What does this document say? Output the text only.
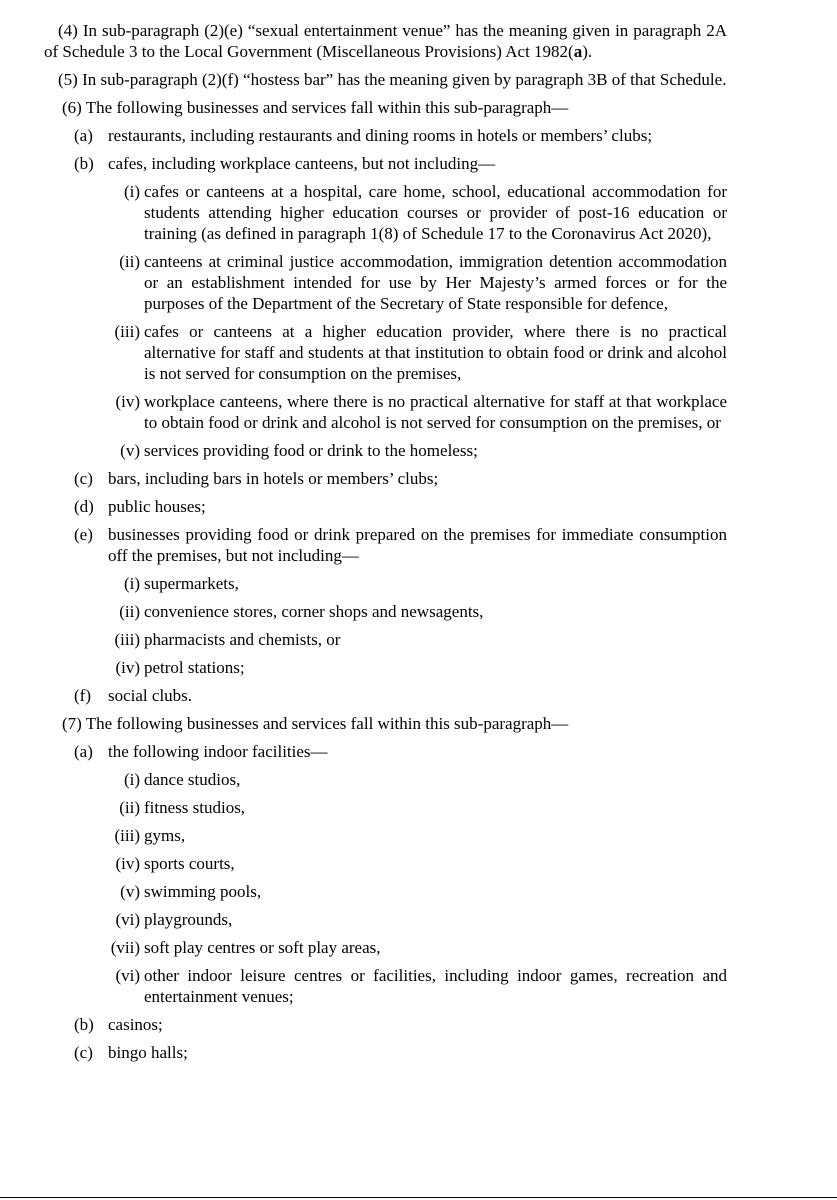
(4) In sub-paragraph (2)(e) “sexual entertainment venue” has the meaning given in paragraph 2A of Schedule 3 to the Local Government (Miscellaneous Provisions) Act 1982(a).

(5) In sub-paragraph (2)(f) “hostess bar” has the meaning given by paragraph 3B of that Schedule.

(6) The following businesses and services fall within this sub-paragraph—

(a) restaurants, including restaurants and dining rooms in hotels or members’ clubs;
(b) cafes, including workplace canteens, but not including—
(i) cafes or canteens at a hospital, care home, school, educational accommodation for students attending higher education courses or provider of post-16 education or training (as defined in paragraph 1(8) of Schedule 17 to the Coronavirus Act 2020),
(ii) canteens at criminal justice accommodation, immigration detention accommodation or an establishment intended for use by Her Majesty’s armed forces or for the purposes of the Department of the Secretary of State responsible for defence,
(iii) cafes or canteens at a higher education provider, where there is no practical alternative for staff and students at that institution to obtain food or drink and alcohol is not served for consumption on the premises,
(iv) workplace canteens, where there is no practical alternative for staff at that workplace to obtain food or drink and alcohol is not served for consumption on the premises, or
(v) services providing food or drink to the homeless;
(c) bars, including bars in hotels or members’ clubs;
(d) public houses;
(e) businesses providing food or drink prepared on the premises for immediate consumption off the premises, but not including—
(i) supermarkets,
(ii) convenience stores, corner shops and newsagents,
(iii) pharmacists and chemists, or
(iv) petrol stations;
(f)	social clubs.

(7) The following businesses and services fall within this sub-paragraph—

(a) the following indoor facilities—
(i) dance studios,
(ii) fitness studios,
(iii) gyms,
(iv) sports courts,
(v) swimming pools,
(vi) playgrounds,
(vii) soft play centres or soft play areas,
(vi) other indoor leisure centres or facilities, including indoor games, recreation and entertainment venues;
(b) casinos;
(c) bingo halls;
